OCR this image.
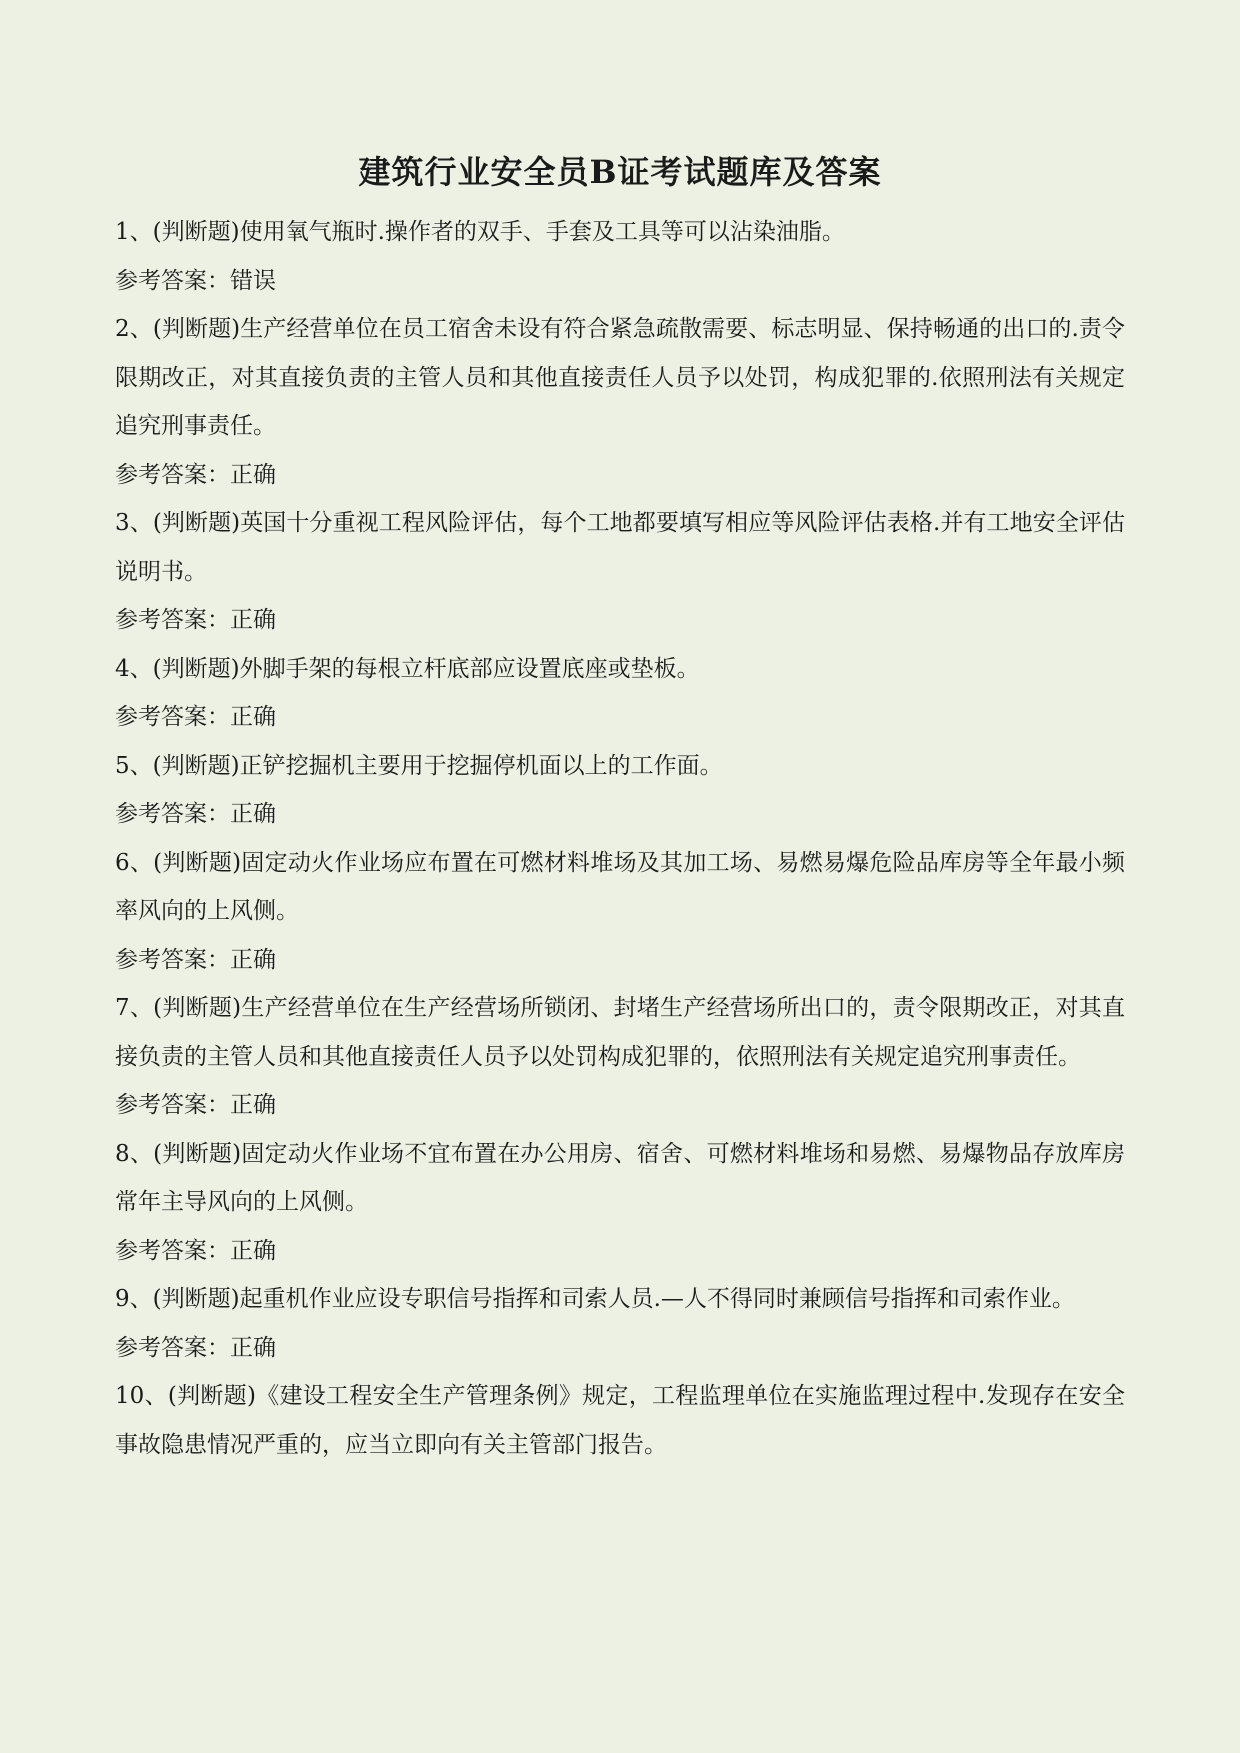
建筑行业安全员B证考试题库及答案

1、(判断题)使用氧气瓶时.操作者的双手、手套及工具等可以沾染油脂。

参考答案：错误

2、(判断题)生产经营单位在员工宿舍未设有符合紧急疏散需要、标志明显、保持畅通的出口的.责令限期改正，对其直接负责的主管人员和其他直接责任人员予以处罚，构成犯罪的.依照刑法有关规定追究刑事责任。

参考答案：正确

3、(判断题)英国十分重视工程风险评估，每个工地都要填写相应等风险评估表格.并有工地安全评估说明书。

参考答案：正确

4、(判断题)外脚手架的每根立杆底部应设置底座或垫板。

参考答案：正确

5、(判断题)正铲挖掘机主要用于挖掘停机面以上的工作面。

参考答案：正确

6、(判断题)固定动火作业场应布置在可燃材料堆场及其加工场、易燃易爆危险品库房等全年最小频率风向的上风侧。

参考答案：正确

7、(判断题)生产经营单位在生产经营场所锁闭、封堵生产经营场所出口的，责令限期改正，对其直接负责的主管人员和其他直接责任人员予以处罚构成犯罪的，依照刑法有关规定追究刑事责任。

参考答案：正确

8、(判断题)固定动火作业场不宜布置在办公用房、宿舍、可燃材料堆场和易燃、易爆物品存放库房常年主导风向的上风侧。

参考答案：正确

9、(判断题)起重机作业应设专职信号指挥和司索人员.—人不得同时兼顾信号指挥和司索作业。

参考答案：正确

10、(判断题)《建设工程安全生产管理条例》规定，工程监理单位在实施监理过程中.发现存在安全事故隐患情况严重的，应当立即向有关主管部门报告。
